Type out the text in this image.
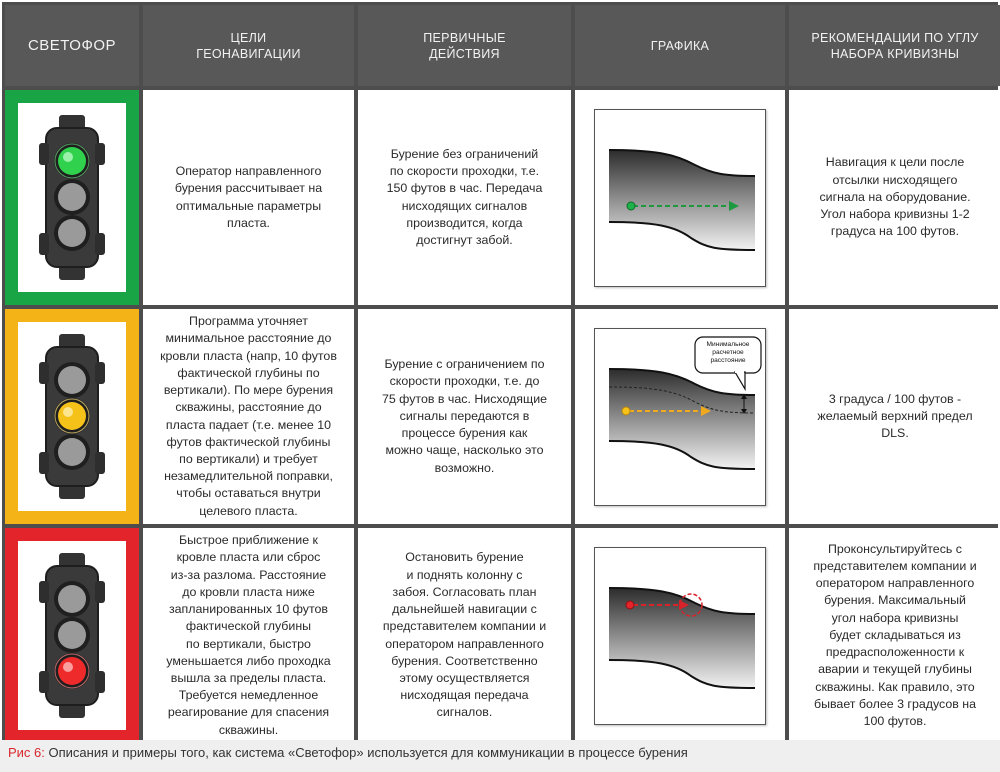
СВЕТОФОР	ЦЕЛИ
ГЕОНАВИГАЦИИ
ПЕРВИЧНЫЕ
ДЕЙСТВИЯ
ГРАФИКА
РЕКОМЕНДАЦИИ ПО УГЛУ
НАБОРА КРИВИЗНЫ
Оператор направленного
бурения рассчитывает на
оптимальные параметры
пласта.
Бурение без ограничений
по скорости проходки, т.е.
150 футов в час. Передача
нисходящих сигналов
производится, когда
достигнут забой.
Навигация к цели после
отсылки нисходящего
сигнала на оборудование.
Угол набора кривизны 1-2
градуса на 100 футов.
Программа уточняет
минимальное расстояние до
кровли пласта (напр, 10 футов
фактической глубины по
вертикали). По мере бурения
скважины, расстояние до
пласта падает (т.е. менее 10
футов фактической глубины
по вертикали) и требует
незамедлительной поправки,
чтобы оставаться внутри
целевого пласта.
Бурение с ограничением по
скорости проходки, т.е. до
75 футов в час. Нисходящие
сигналы передаются в
процессе бурения как
можно чаще, насколько это
возможно.
Минимальное
расчетное
расстояние
3 градуса / 100 футов -
желаемый верхний предел
DLS.
Быстрое приближение к
кровле пласта или сброс
из-за разлома. Расстояние
до кровли пласта ниже
запланированных 10 футов
фактической глубины
по вертикали, быстро
уменьшается либо проходка
вышла за пределы пласта.
Требуется немедленное
реагирование для спасения
скважины.
Остановить бурение
и поднять колонну с
забоя. Согласовать план
дальнейшей навигации с
представителем компании и
оператором направленного
бурения. Соответственно
этому осуществляется
нисходящая передача
сигналов.
Проконсультируйтесь с
представителем компании и
оператором направленного
бурения. Максимальный
угол набора кривизны
будет складываться из
предрасположенности к
аварии и текущей глубины
скважины. Как правило, это
бывает более 3 градусов на
100 футов.
Рис 6: Описания и примеры того, как система «Светофор» используется для коммуникации в процессе бурения
